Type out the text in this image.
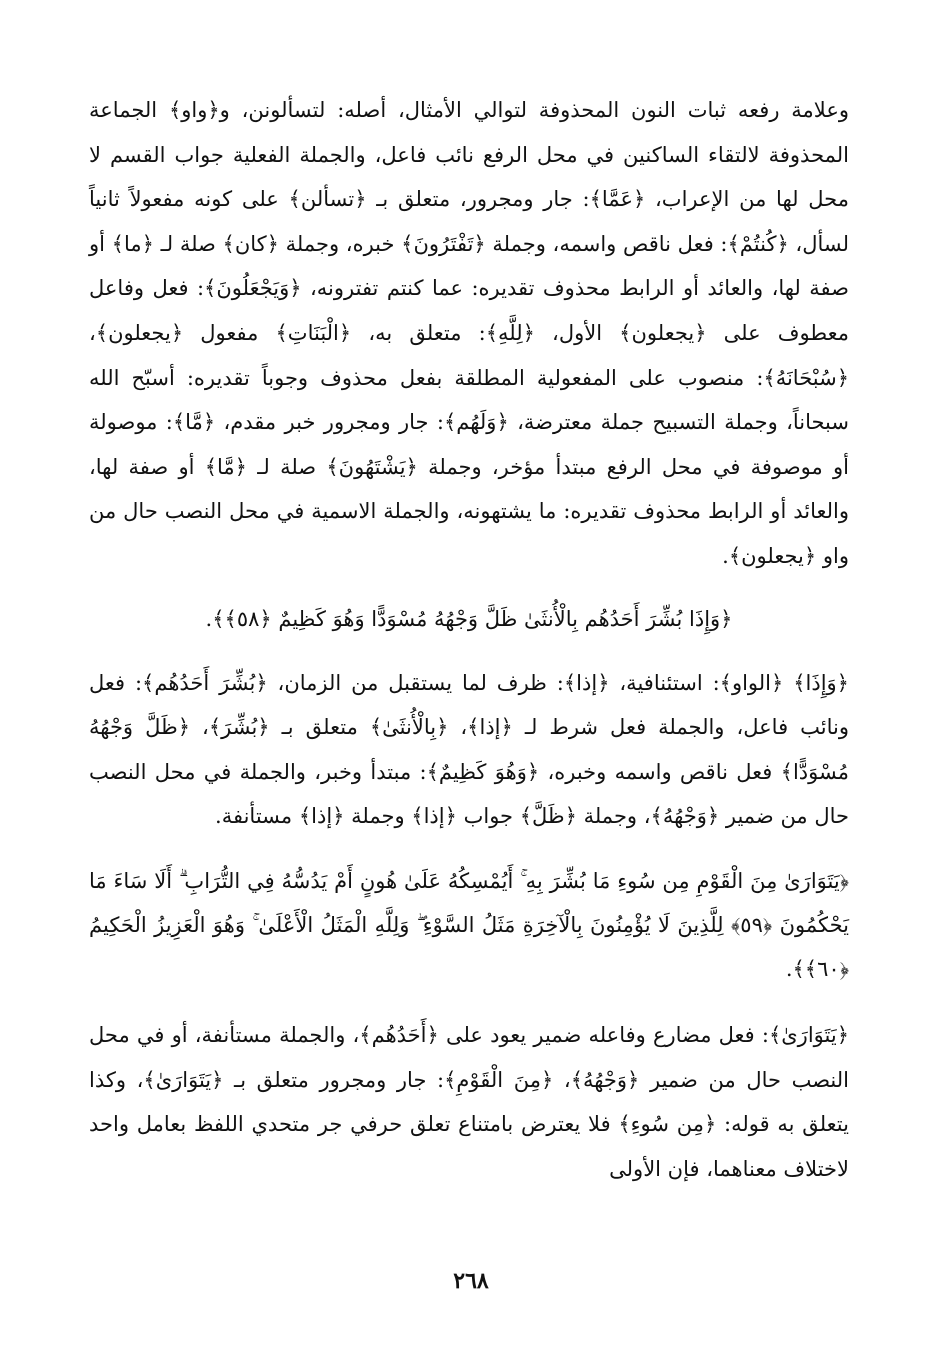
وعلامة رفعه ثبات النون المحذوفة لتوالي الأمثال، أصله: لتسألونن، و﴿واو﴾ الجماعة المحذوفة لالتقاء الساكنين في محل الرفع نائب فاعل، والجملة الفعلية جواب القسم لا محل لها من الإعراب، ﴿عَمَّا﴾: جار ومجرور، متعلق بـ ﴿تسألن﴾ على كونه مفعولاً ثانياً لسأل، ﴿كُنتُمْ﴾: فعل ناقص واسمه، وجملة ﴿تَفْتَرُونَ﴾ خبره، وجملة ﴿كان﴾ صلة لـ ﴿ما﴾ أو صفة لها، والعائد أو الرابط محذوف تقديره: عما كنتم تفترونه، ﴿وَيَجْعَلُونَ﴾: فعل وفاعل معطوف على ﴿يجعلون﴾ الأول، ﴿لِلَّهِ﴾: متعلق به، ﴿الْبَنَاتِ﴾ مفعول ﴿يجعلون﴾، ﴿سُبْحَانَهُ﴾: منصوب على المفعولية المطلقة بفعل محذوف وجوباً تقديره: أسبّح الله سبحاناً، وجملة التسبيح جملة معترضة، ﴿وَلَهُم﴾: جار ومجرور خبر مقدم، ﴿مَّا﴾: موصولة أو موصوفة في محل الرفع مبتدأ مؤخر، وجملة ﴿يَشْتَهُونَ﴾ صلة لـ ﴿مَّا﴾ أو صفة لها، والعائد أو الرابط محذوف تقديره: ما يشتهونه، والجملة الاسمية في محل النصب حال من واو ﴿يجعلون﴾.

﴿وَإِذَا بُشِّرَ أَحَدُهُم بِالْأُنثَىٰ ظَلَّ وَجْهُهُ مُسْوَدًّا وَهُوَ كَظِيمٌ ﴿٥٨﴾﴾.

﴿وَإِذَا﴾ ﴿الواو﴾: استئنافية، ﴿إذا﴾: ظرف لما يستقبل من الزمان، ﴿بُشِّرَ أَحَدُهُم﴾: فعل ونائب فاعل، والجملة فعل شرط لـ ﴿إذا﴾، ﴿بِالْأُنثَىٰ﴾ متعلق بـ ﴿بُشِّرَ﴾، ﴿ظَلَّ وَجْهُهُ مُسْوَدًّا﴾ فعل ناقص واسمه وخبره، ﴿وَهُوَ كَظِيمٌ﴾: مبتدأ وخبر، والجملة في محل النصب حال من ضمير ﴿وَجْهُهُ﴾، وجملة ﴿ظَلَّ﴾ جواب ﴿إذا﴾ وجملة ﴿إذا﴾ مستأنفة.

﴿يَتَوَارَىٰ مِنَ الْقَوْمِ مِن سُوءِ مَا بُشِّرَ بِهِ ۚ أَيُمْسِكُهُ عَلَىٰ هُونٍ أَمْ يَدُسُّهُ فِي التُّرَابِ ۗ أَلَا سَاءَ مَا يَحْكُمُونَ ﴿٥٩﴾ لِلَّذِينَ لَا يُؤْمِنُونَ بِالْآخِرَةِ مَثَلُ السَّوْءِ ۖ وَلِلَّهِ الْمَثَلُ الْأَعْلَىٰ ۚ وَهُوَ الْعَزِيزُ الْحَكِيمُ ﴿٦٠﴾﴾.

﴿يَتَوَارَىٰ﴾: فعل مضارع وفاعله ضمير يعود على ﴿أَحَدُهُم﴾، والجملة مستأنفة، أو في محل النصب حال من ضمير ﴿وَجْهُهُ﴾، ﴿مِنَ الْقَوْمِ﴾: جار ومجرور متعلق بـ ﴿يَتَوَارَىٰ﴾، وكذا يتعلق به قوله: ﴿مِن سُوءِ﴾ فلا يعترض بامتناع تعلق حرفي جر متحدي اللفظ بعامل واحد لاختلاف معناهما، فإن الأولى

٢٦٨
